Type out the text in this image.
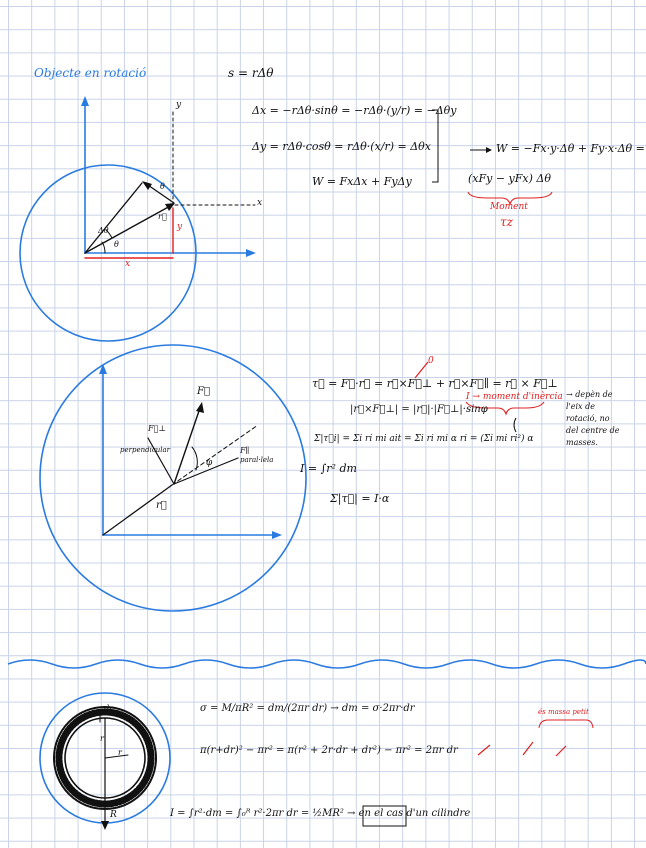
Objecte en rotació	s = rΔθ
Δx = −rΔθ·sinθ = −rΔθ·(y/r) = −Δθy
Δy = rΔθ·cosθ = rΔθ·(x/r) = Δθx
W = FxΔx + FyΔy
W = −Fx·y·Δθ + Fy·x·Δθ =
(xFy − yFx) Δθ
Moment
τz
y
x
θ
Δθ
r⃗
θ
x
y
τ⃗ = F⃗·r⃗ = r⃗×F⃗⊥ + r⃗×F⃗∥ = r⃗ × F⃗⊥
0
|r⃗×F⃗⊥| = |r⃗|·|F⃗⊥|·sinφ
I → moment d'inèrcia → depèn de
l'eix de
rotació, no
del centre de
masses.
Σ|τ⃗i| = Σi ri mi ait = Σi ri mi α ri = (Σi mi ri²) α
I = ∫r² dm
Σ|τ⃗| = I·α
F⃗
F⃗⊥
perpendicular	F∥
paral·lela
φ
r⃗
σ = M/πR² = dm/(2πr dr) → dm = σ·2πr·dr
π(r+dr)² − πr² = π(r² + 2r·dr + dr²) − πr² = 2πr dr
és massa petit
I = ∫r²·dm = ∫₀ᴿ r²·2πr dr = ½MR² → en el cas d'un cilindre
dr
r
r
R
